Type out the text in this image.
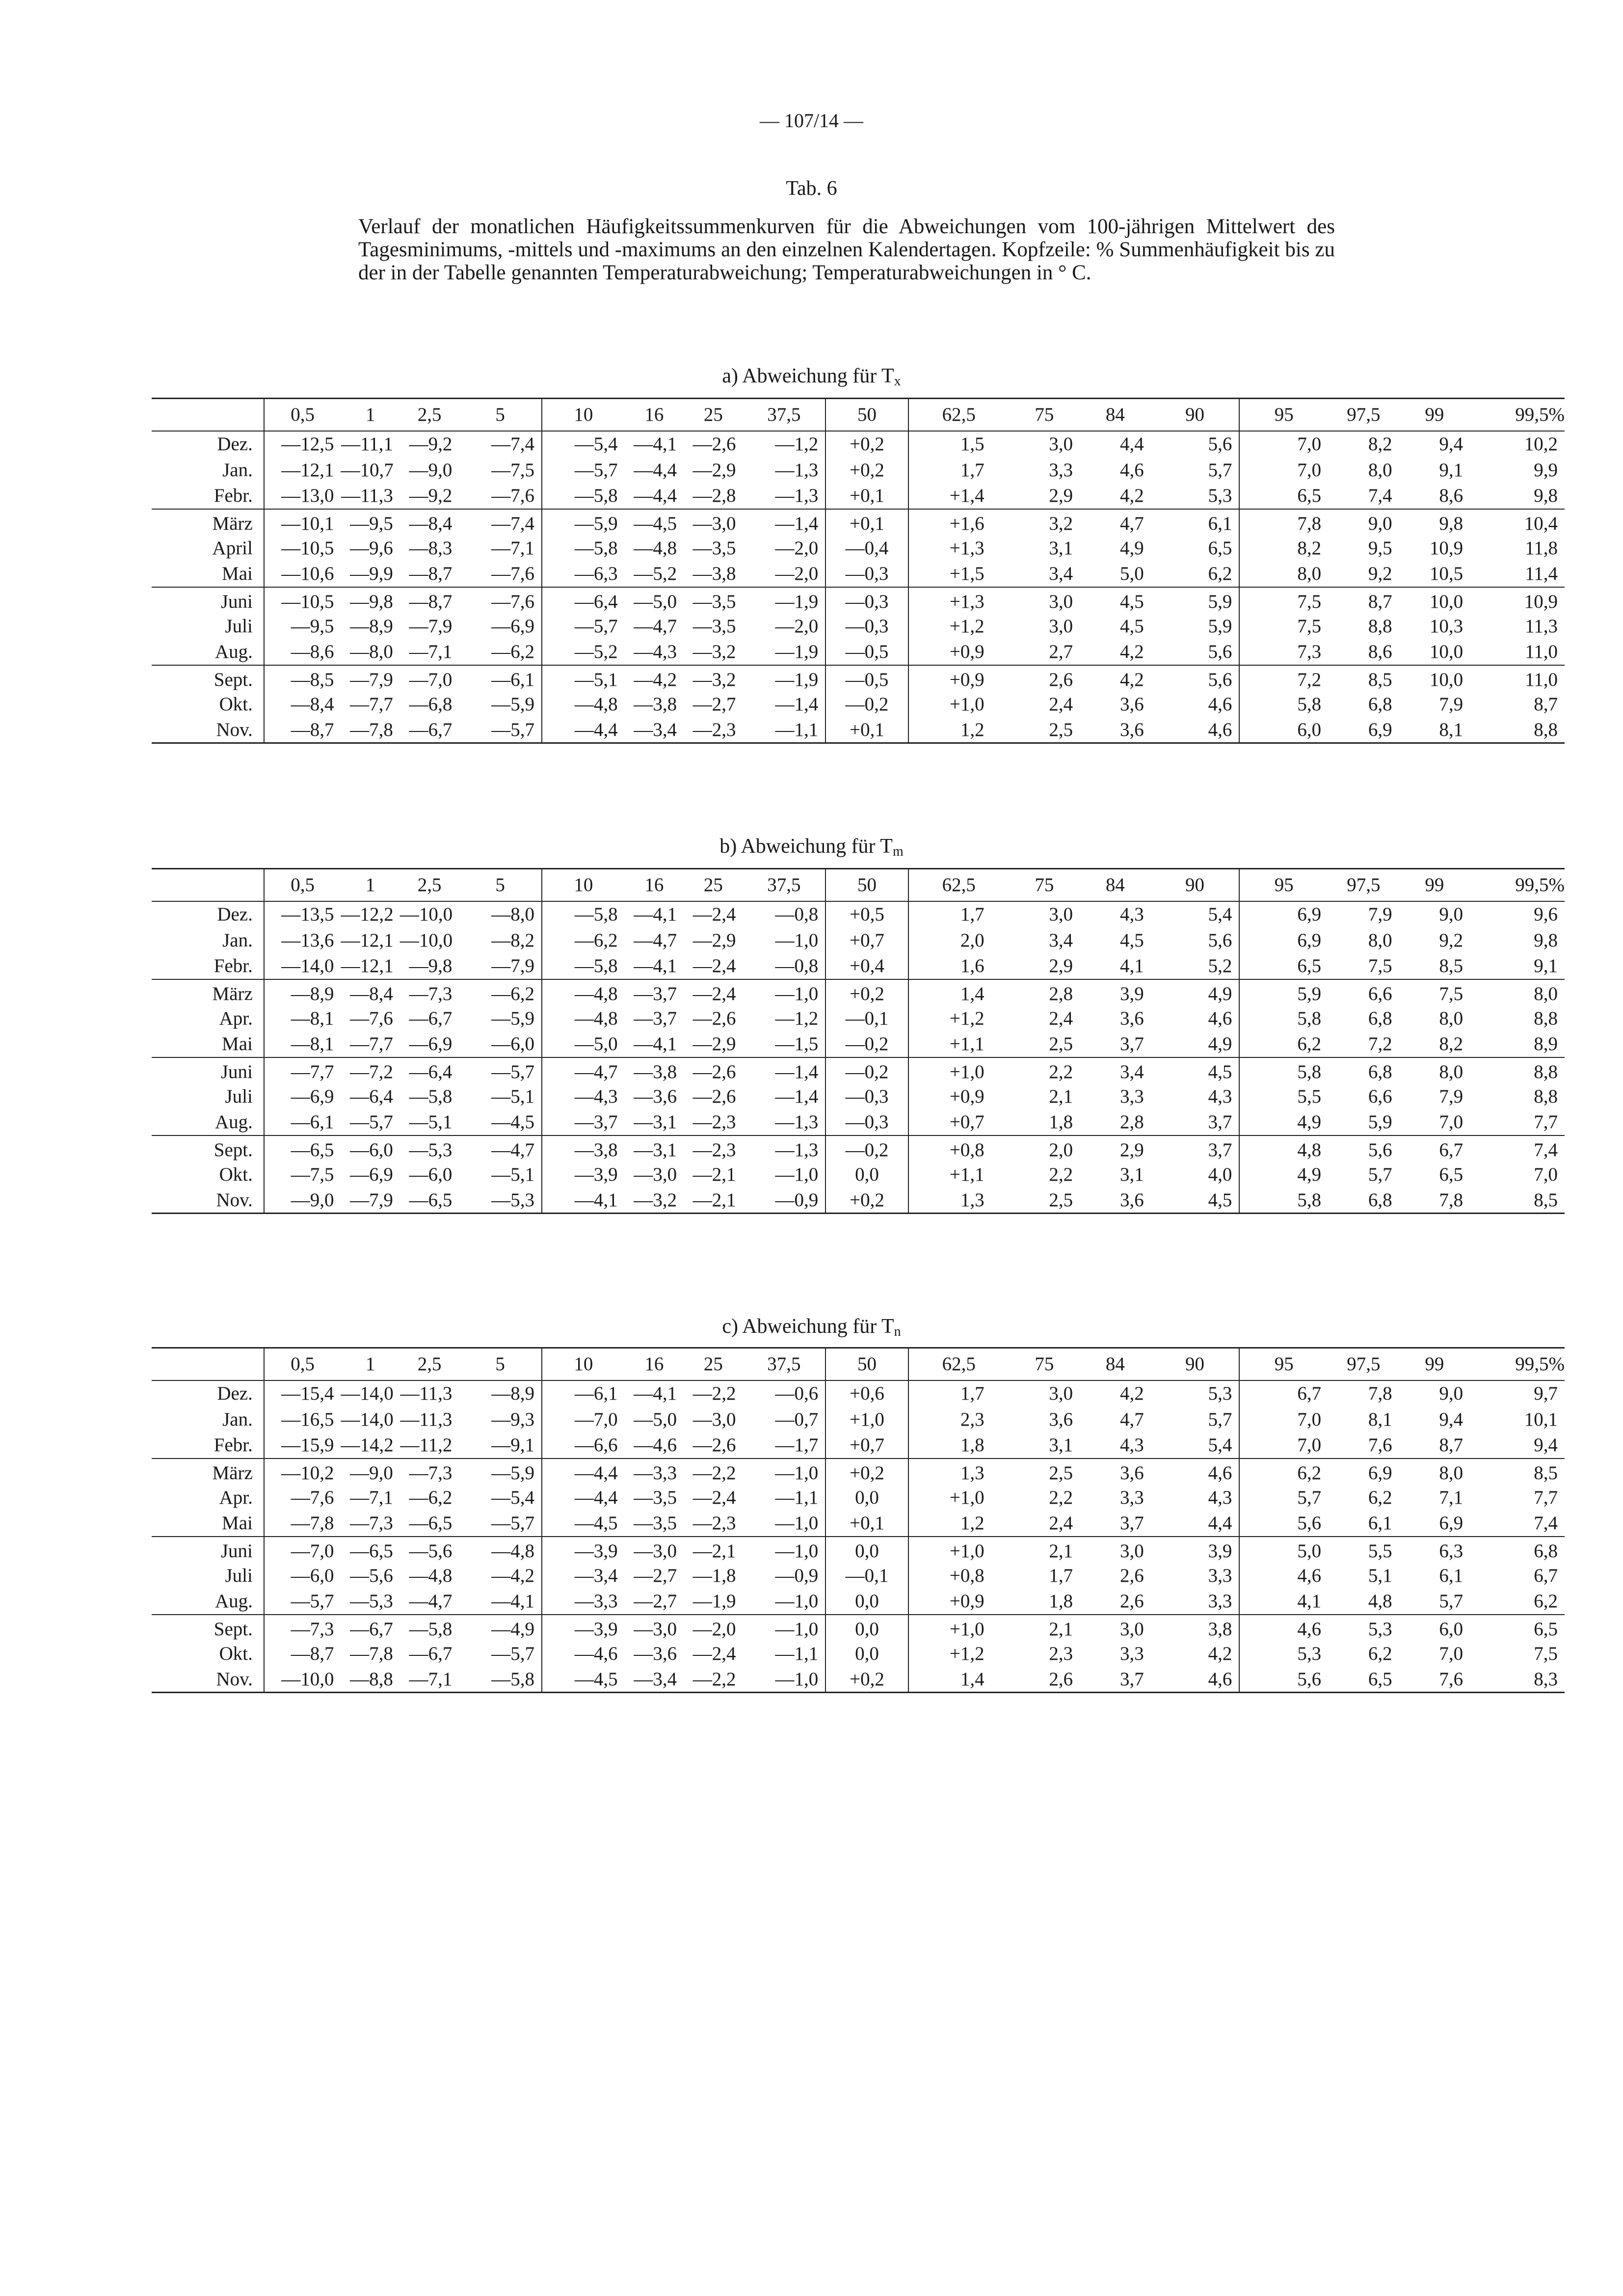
— 107/14 —
Tab. 6
Verlauf der monatlichen Häufigkeitssummenkurven für die Abweichungen vom 100-jährigen Mittelwert des Tagesminimums, -mittels und -maximums an den einzelnen Kalendertagen. Kopfzeile: % Summenhäufigkeit bis zu der in der Tabelle genannten Temperaturabweichung; Temperaturabweichungen in ° C.
a) Abweichung für $T_x$
	0,5	1	2,5	5	10	16	25	37,5	50	62,5	75	84	90	95	97,5	99	99,5%
Dez.	—12,5	—11,1	—9,2	—7,4	—5,4	—4,1	—2,6	—1,2	+0,2	1,5	3,0	4,4	5,6	7,0	8,2	9,4	10,2
Jan.	—12,1	—10,7	—9,0	—7,5	—5,7	—4,4	—2,9	—1,3	+0,2	1,7	3,3	4,6	5,7	7,0	8,0	9,1	9,9
Febr.	—13,0	—11,3	—9,2	—7,6	—5,8	—4,4	—2,8	—1,3	+0,1	+1,4	2,9	4,2	5,3	6,5	7,4	8,6	9,8
März	—10,1	—9,5	—8,4	—7,4	—5,9	—4,5	—3,0	—1,4	+0,1	+1,6	3,2	4,7	6,1	7,8	9,0	9,8	10,4
April	—10,5	—9,6	—8,3	—7,1	—5,8	—4,8	—3,5	—2,0	—0,4	+1,3	3,1	4,9	6,5	8,2	9,5	10,9	11,8
Mai	—10,6	—9,9	—8,7	—7,6	—6,3	—5,2	—3,8	—2,0	—0,3	+1,5	3,4	5,0	6,2	8,0	9,2	10,5	11,4
Juni	—10,5	—9,8	—8,7	—7,6	—6,4	—5,0	—3,5	—1,9	—0,3	+1,3	3,0	4,5	5,9	7,5	8,7	10,0	10,9
Juli	—9,5	—8,9	—7,9	—6,9	—5,7	—4,7	—3,5	—2,0	—0,3	+1,2	3,0	4,5	5,9	7,5	8,8	10,3	11,3
Aug.	—8,6	—8,0	—7,1	—6,2	—5,2	—4,3	—3,2	—1,9	—0,5	+0,9	2,7	4,2	5,6	7,3	8,6	10,0	11,0
Sept.	—8,5	—7,9	—7,0	—6,1	—5,1	—4,2	—3,2	—1,9	—0,5	+0,9	2,6	4,2	5,6	7,2	8,5	10,0	11,0
Okt.	—8,4	—7,7	—6,8	—5,9	—4,8	—3,8	—2,7	—1,4	—0,2	+1,0	2,4	3,6	4,6	5,8	6,8	7,9	8,7
Nov.	—8,7	—7,8	—6,7	—5,7	—4,4	—3,4	—2,3	—1,1	+0,1	1,2	2,5	3,6	4,6	6,0	6,9	8,1	8,8
b) Abweichung für $T_m$
	0,5	1	2,5	5	10	16	25	37,5	50	62,5	75	84	90	95	97,5	99	99,5%
Dez.	—13,5	—12,2	—10,0	—8,0	—5,8	—4,1	—2,4	—0,8	+0,5	1,7	3,0	4,3	5,4	6,9	7,9	9,0	9,6
Jan.	—13,6	—12,1	—10,0	—8,2	—6,2	—4,7	—2,9	—1,0	+0,7	2,0	3,4	4,5	5,6	6,9	8,0	9,2	9,8
Febr.	—14,0	—12,1	—9,8	—7,9	—5,8	—4,1	—2,4	—0,8	+0,4	1,6	2,9	4,1	5,2	6,5	7,5	8,5	9,1
März	—8,9	—8,4	—7,3	—6,2	—4,8	—3,7	—2,4	—1,0	+0,2	1,4	2,8	3,9	4,9	5,9	6,6	7,5	8,0
Apr.	—8,1	—7,6	—6,7	—5,9	—4,8	—3,7	—2,6	—1,2	—0,1	+1,2	2,4	3,6	4,6	5,8	6,8	8,0	8,8
Mai	—8,1	—7,7	—6,9	—6,0	—5,0	—4,1	—2,9	—1,5	—0,2	+1,1	2,5	3,7	4,9	6,2	7,2	8,2	8,9
Juni	—7,7	—7,2	—6,4	—5,7	—4,7	—3,8	—2,6	—1,4	—0,2	+1,0	2,2	3,4	4,5	5,8	6,8	8,0	8,8
Juli	—6,9	—6,4	—5,8	—5,1	—4,3	—3,6	—2,6	—1,4	—0,3	+0,9	2,1	3,3	4,3	5,5	6,6	7,9	8,8
Aug.	—6,1	—5,7	—5,1	—4,5	—3,7	—3,1	—2,3	—1,3	—0,3	+0,7	1,8	2,8	3,7	4,9	5,9	7,0	7,7
Sept.	—6,5	—6,0	—5,3	—4,7	—3,8	—3,1	—2,3	—1,3	—0,2	+0,8	2,0	2,9	3,7	4,8	5,6	6,7	7,4
Okt.	—7,5	—6,9	—6,0	—5,1	—3,9	—3,0	—2,1	—1,0	0,0	+1,1	2,2	3,1	4,0	4,9	5,7	6,5	7,0
Nov.	—9,0	—7,9	—6,5	—5,3	—4,1	—3,2	—2,1	—0,9	+0,2	1,3	2,5	3,6	4,5	5,8	6,8	7,8	8,5
c) Abweichung für $T_n$
	0,5	1	2,5	5	10	16	25	37,5	50	62,5	75	84	90	95	97,5	99	99,5%
Dez.	—15,4	—14,0	—11,3	—8,9	—6,1	—4,1	—2,2	—0,6	+0,6	1,7	3,0	4,2	5,3	6,7	7,8	9,0	9,7
Jan.	—16,5	—14,0	—11,3	—9,3	—7,0	—5,0	—3,0	—0,7	+1,0	2,3	3,6	4,7	5,7	7,0	8,1	9,4	10,1
Febr.	—15,9	—14,2	—11,2	—9,1	—6,6	—4,6	—2,6	—1,7	+0,7	1,8	3,1	4,3	5,4	7,0	7,6	8,7	9,4
März	—10,2	—9,0	—7,3	—5,9	—4,4	—3,3	—2,2	—1,0	+0,2	1,3	2,5	3,6	4,6	6,2	6,9	8,0	8,5
Apr.	—7,6	—7,1	—6,2	—5,4	—4,4	—3,5	—2,4	—1,1	0,0	+1,0	2,2	3,3	4,3	5,7	6,2	7,1	7,7
Mai	—7,8	—7,3	—6,5	—5,7	—4,5	—3,5	—2,3	—1,0	+0,1	1,2	2,4	3,7	4,4	5,6	6,1	6,9	7,4
Juni	—7,0	—6,5	—5,6	—4,8	—3,9	—3,0	—2,1	—1,0	0,0	+1,0	2,1	3,0	3,9	5,0	5,5	6,3	6,8
Juli	—6,0	—5,6	—4,8	—4,2	—3,4	—2,7	—1,8	—0,9	—0,1	+0,8	1,7	2,6	3,3	4,6	5,1	6,1	6,7
Aug.	—5,7	—5,3	—4,7	—4,1	—3,3	—2,7	—1,9	—1,0	0,0	+0,9	1,8	2,6	3,3	4,1	4,8	5,7	6,2
Sept.	—7,3	—6,7	—5,8	—4,9	—3,9	—3,0	—2,0	—1,0	0,0	+1,0	2,1	3,0	3,8	4,6	5,3	6,0	6,5
Okt.	—8,7	—7,8	—6,7	—5,7	—4,6	—3,6	—2,4	—1,1	0,0	+1,2	2,3	3,3	4,2	5,3	6,2	7,0	7,5
Nov.	—10,0	—8,8	—7,1	—5,8	—4,5	—3,4	—2,2	—1,0	+0,2	1,4	2,6	3,7	4,6	5,6	6,5	7,6	8,3
